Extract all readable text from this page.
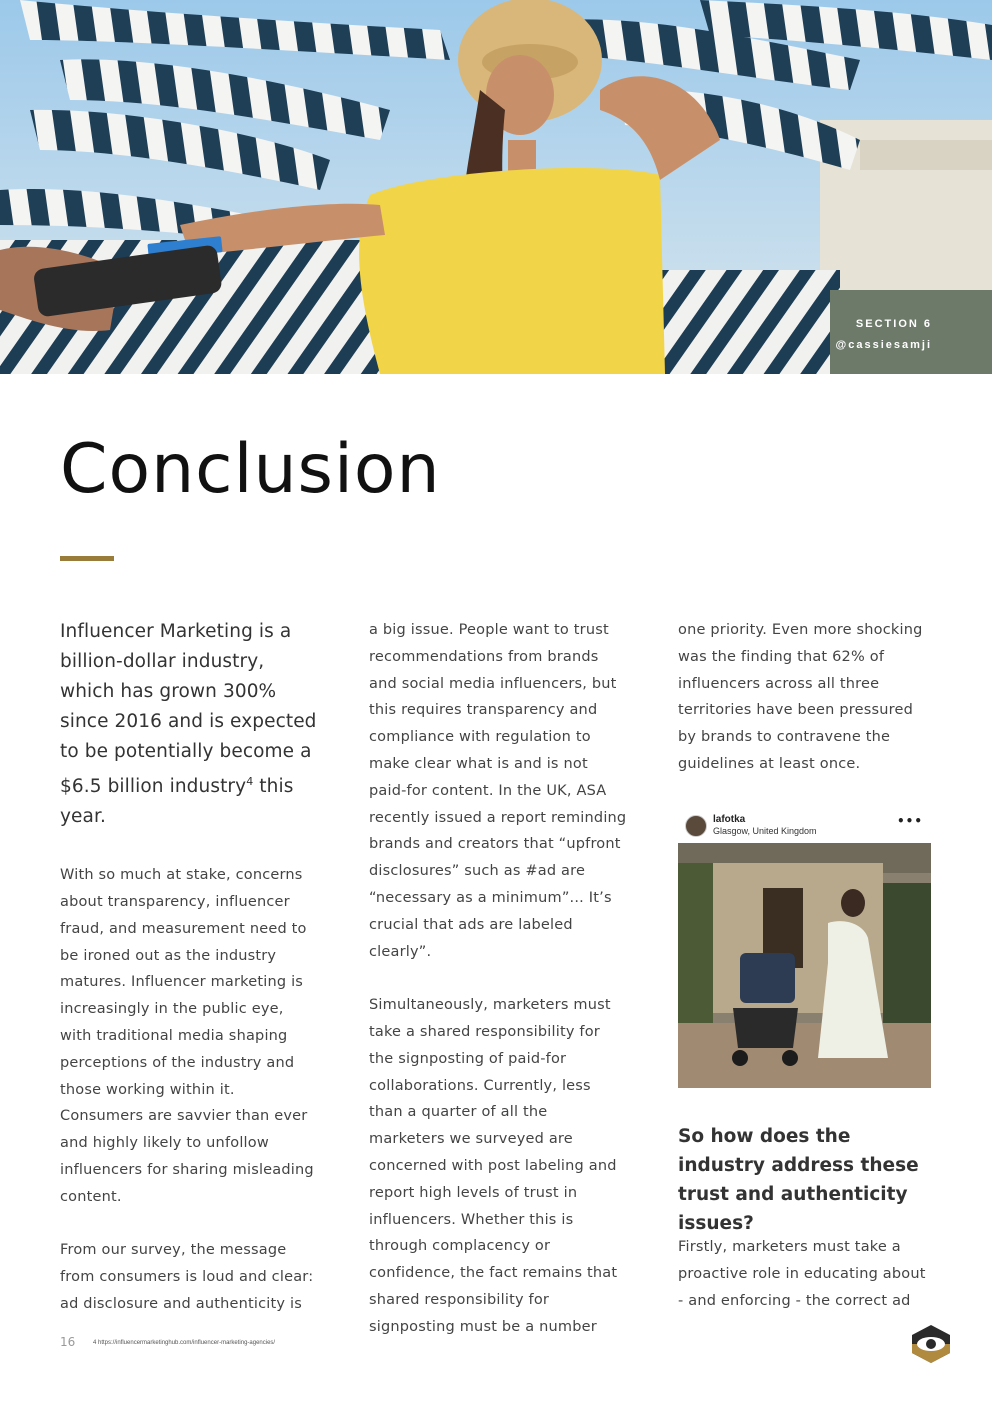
SECTION 6
@cassiesamji
Conclusion

Influencer Marketing is a billion-dollar industry, which has grown 300% since 2016 and is expected to be potentially become a $6.5 billion industry$^4$ this year.

With so much at stake, concerns about transparency, influencer fraud, and measurement need to be ironed out as the industry matures. Influencer marketing is increasingly in the public eye, with traditional media shaping perceptions of the industry and those working within it. Consumers are savvier than ever and highly likely to unfollow influencers for sharing misleading content.

From our survey, the message from consumers is loud and clear: ad disclosure and authenticity is

a big issue. People want to trust recommendations from brands and social media influencers, but this requires transparency and compliance with regulation to make clear what is and is not paid-for content. In the UK, ASA recently issued a report reminding brands and creators that “upfront disclosures” such as #ad are “necessary as a minimum”... It’s crucial that ads are labeled clearly”.

Simultaneously, marketers must take a shared responsibility for the signposting of paid-for collaborations. Currently, less than a quarter of all the marketers we surveyed are concerned with post labeling and report high levels of trust in influencers. Whether this is through complacency or confidence, the fact remains that shared responsibility for signposting must be a number

one priority. Even more shocking was the finding that 62% of influencers across all three territories have been pressured by brands to contravene the guidelines at least once.

lafotka
Glasgow, United Kingdom
•••
So how does the industry address these trust and authenticity issues?

Firstly, marketers must take a proactive role in educating about - and enforcing - the correct ad

16	4 https://influencermarketinghub.com/influencer-marketing-agencies/
